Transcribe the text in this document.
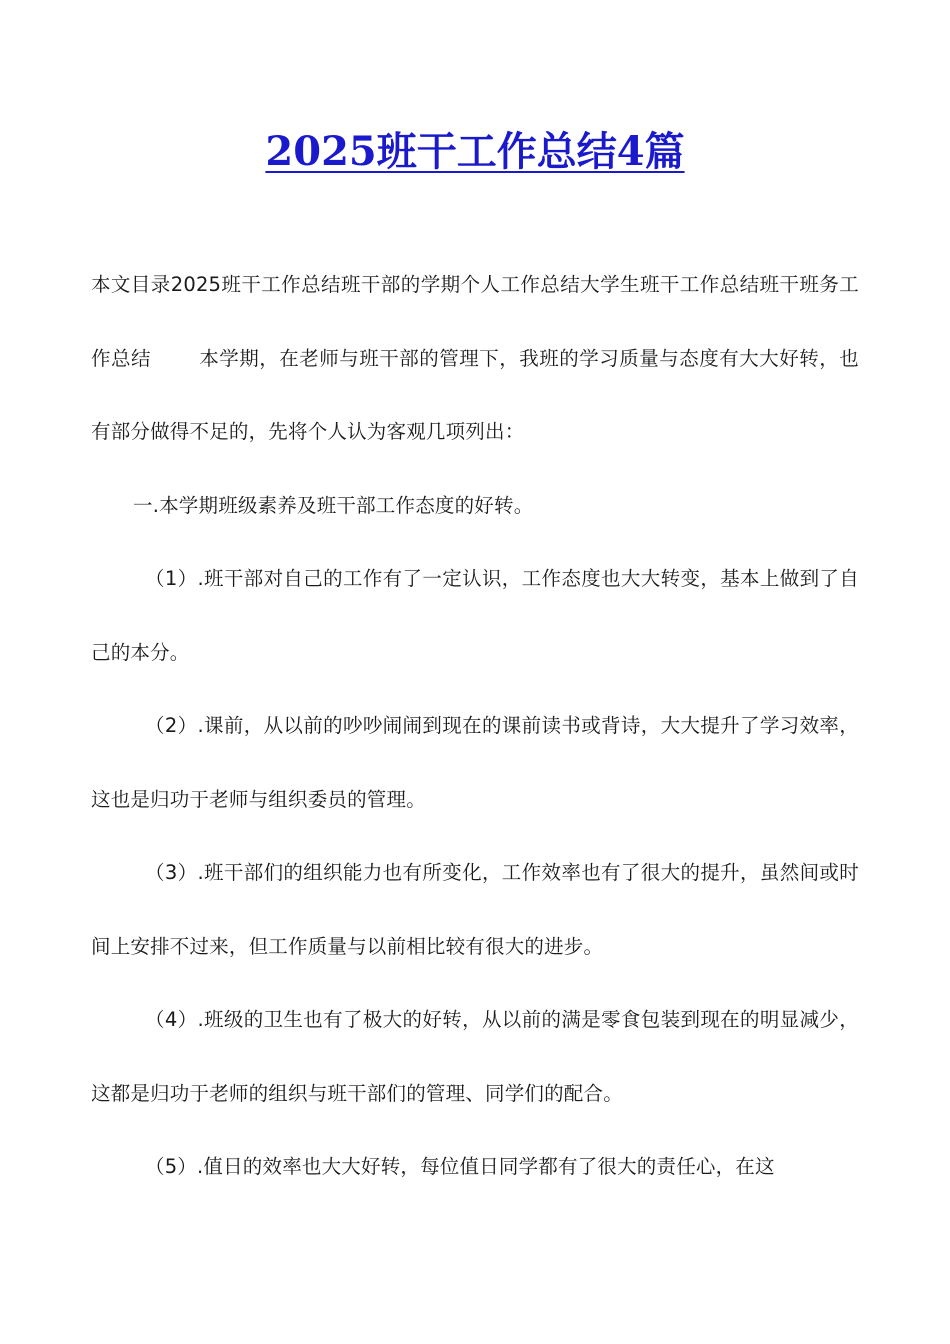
2025班干工作总结4篇

本文目录2025班干工作总结班干部的学期个人工作总结大学生班干工作总结班干班务工作总结 本学期，在老师与班干部的管理下，我班的学习质量与态度有大大好转，也有部分做得不足的，先将个人认为客观几项列出：

一.本学期班级素养及班干部工作态度的好转。

（1）.班干部对自己的工作有了一定认识，工作态度也大大转变，基本上做到了自己的本分。

（2）.课前，从以前的吵吵闹闹到现在的课前读书或背诗，大大提升了学习效率，这也是归功于老师与组织委员的管理。

（3）.班干部们的组织能力也有所变化，工作效率也有了很大的提升，虽然间或时间上安排不过来，但工作质量与以前相比较有很大的进步。

（4）.班级的卫生也有了极大的好转，从以前的满是零食包装到现在的明显减少，这都是归功于老师的组织与班干部们的管理、同学们的配合。

（5）.值日的效率也大大好转，每位值日同学都有了很大的责任心，在这
